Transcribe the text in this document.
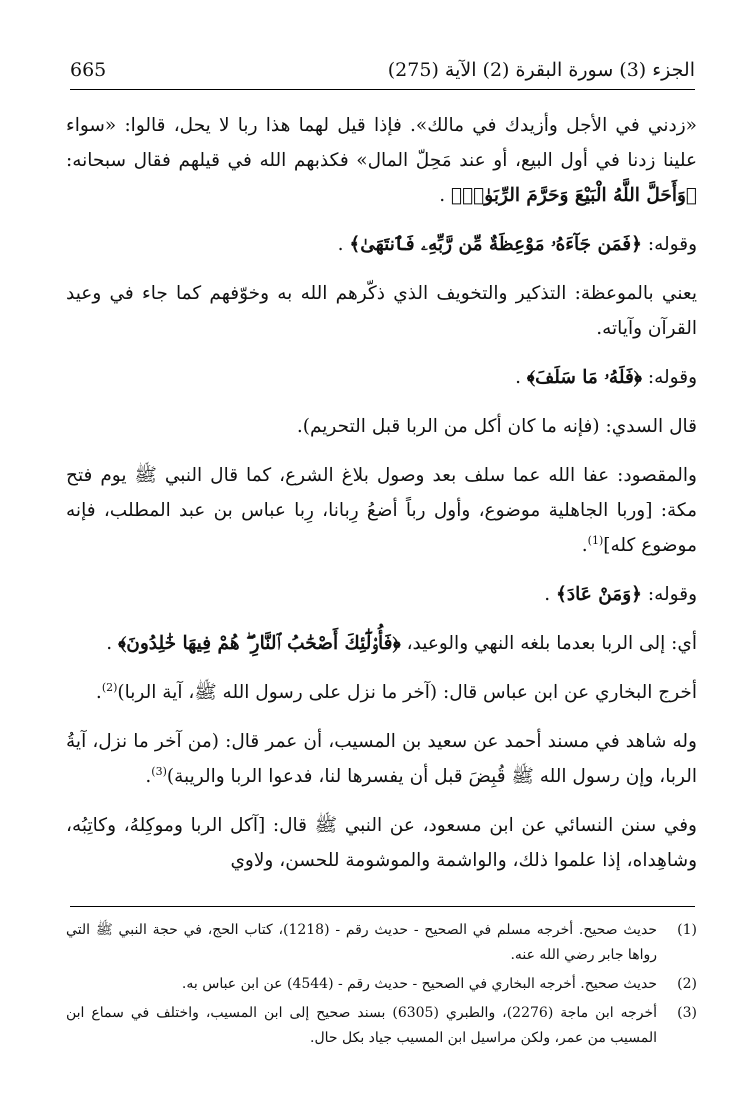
665	الجزء (3) سورة البقرة (2) الآية (275)

«زدني في الأجل وأزيدك في مالك». فإذا قيل لهما هذا ربا لا يحل، قالوا: «سواء علينا زدنا في أول البيع، أو عند مَحِلّ المال» فكذبهم الله في قيلهم فقال سبحانه: ﴿وَأَحَلَّ اللَّهُ الْبَيْعَ وَحَرَّمَ الرِّبَوٰا۟﴾ .

وقوله: ﴿فَمَن جَآءَهُۥ مَوْعِظَةٌ مِّن رَّبِّهِۦ فَٱنتَهَىٰ﴾ .

يعني بالموعظة: التذكير والتخويف الذي ذكّرهم الله به وخوّفهم كما جاء في وعيد القرآن وآياته.

وقوله: ﴿فَلَهُۥ مَا سَلَفَ﴾ .

قال السدي: (فإنه ما كان أكل من الربا قبل التحريم).

والمقصود: عفا الله عما سلف بعد وصول بلاغ الشرع، كما قال النبي ﷺ يوم فتح مكة: [وربا الجاهلية موضوع، وأول رباً أضعُ رِبانا، رِبا عباس بن عبد المطلب، فإنه موضوع كله]$^{(1)}$.

وقوله: ﴿وَمَنْ عَادَ﴾ .

أي: إلى الربا بعدما بلغه النهي والوعيد، ﴿فَأُو۟لَٰٓئِكَ أَصْحَٰبُ ٱلنَّارِ ۖ هُمْ فِيهَا خَٰلِدُونَ﴾ .

أخرج البخاري عن ابن عباس قال: (آخر ما نزل على رسول الله ﷺ، آية الربا)$^{(2)}$.

وله شاهد في مسند أحمد عن سعيد بن المسيب، أن عمر قال: (من آخر ما نزل، آيةُ الربا، وإن رسول الله ﷺ قُبِضَ قبل أن يفسرها لنا، فدعوا الربا والريبة)$^{(3)}$.

وفي سنن النسائي عن ابن مسعود، عن النبي ﷺ قال: [آكل الربا وموكِلهُ، وكاتِبُه، وشاهِداه، إذا علموا ذلك، والواشمة والموشومة للحسن، ولاوي

(1)
حديث صحيح. أخرجه مسلم في الصحيح - حديث رقم - (1218)، كتاب الحج، في حجة النبي ﷺ التي رواها جابر رضي الله عنه.
(2)
حديث صحيح. أخرجه البخاري في الصحيح - حديث رقم - (4544) عن ابن عباس به.
(3)
أخرجه ابن ماجة (2276)، والطبري (6305) بسند صحيح إلى ابن المسيب، واختلف في سماع ابن المسيب من عمر، ولكن مراسيل ابن المسيب جياد بكل حال.
